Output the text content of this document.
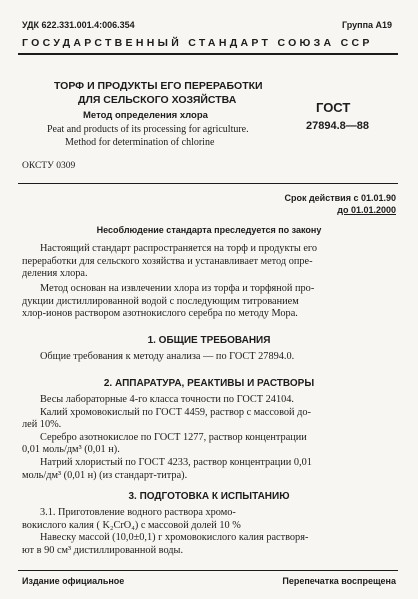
УДК 622.331.001.4:006.354	Группа А19
ГОСУДАРСТВЕННЫЙ СТАНДАРТ СОЮЗА ССР
ТОРФ И ПРОДУКТЫ ЕГО ПЕРЕРАБОТКИ
ДЛЯ СЕЛЬСКОГО ХОЗЯЙСТВА
Метод определения хлора
Peat and products of its processing for agriculture.
Method for determination of chlorine
ГОСТ
27894.8—88
ОКСТУ 0309
Срок действия с 01.01.90
до 01.01.2000
Несоблюдение стандарта преследуется по закону
Настоящий стандарт распространяется на торф и продукты его
переработки для сельского хозяйства и устанавливает метод опре-
деления хлора.
Метод основан на извлечении хлора из торфа и торфяной про-
дукции дистиллированной водой с последующим титрованием
хлор-ионов раствором азотнокислого серебра по методу Мора.
1. ОБЩИЕ ТРЕБОВАНИЯ
Общие требования к методу анализа — по ГОСТ 27894.0.
2. АППАРАТУРА, РЕАКТИВЫ И РАСТВОРЫ
Весы лабораторные 4-го класса точности по ГОСТ 24104.
Калий хромовокислый по ГОСТ 4459, раствор с массовой до-
лей 10%.
Серебро азотнокислое по ГОСТ 1277, раствор концентрации
0,01 моль/дм³ (0,01 н).
Натрий хлористый по ГОСТ 4233, раствор концентрации 0,01
моль/дм³ (0,01 н) (из стандарт-титра).
3. ПОДГОТОВКА К ИСПЫТАНИЮ
3.1. Приготовление водного раствора хромо-
вокислого калия ( K₂CrO₄) с массовой долей 10 %
Навеску массой (10,0±0,1) г хромовокислого калия растворя-
ют в 90 см³ дистиллированной воды.
Издание официальное	Перепечатка воспрещена
